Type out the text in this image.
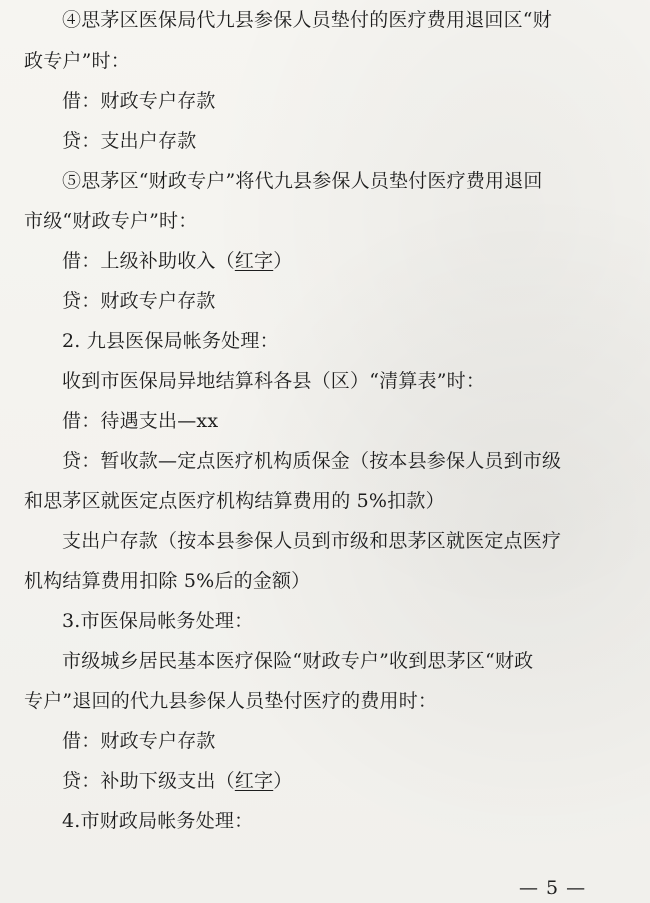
④思茅区医保局代九县参保人员垫付的医疗费用退回区“财
政专户”时：
借：财政专户存款
贷：支出户存款
⑤思茅区“财政专户”将代九县参保人员垫付医疗费用退回
市级“财政专户”时：
借：上级补助收入（红字）
贷：财政专户存款
2. 九县医保局帐务处理：
收到市医保局异地结算科各县（区）“清算表”时：
借：待遇支出—xx
贷：暂收款—定点医疗机构质保金（按本县参保人员到市级
和思茅区就医定点医疗机构结算费用的 5%扣款）
支出户存款（按本县参保人员到市级和思茅区就医定点医疗
机构结算费用扣除 5%后的金额）
3.市医保局帐务处理：
市级城乡居民基本医疗保险“财政专户”收到思茅区“财政
专户”退回的代九县参保人员垫付医疗的费用时：
借：财政专户存款
贷：补助下级支出（红字）
4.市财政局帐务处理：
— 5 —
